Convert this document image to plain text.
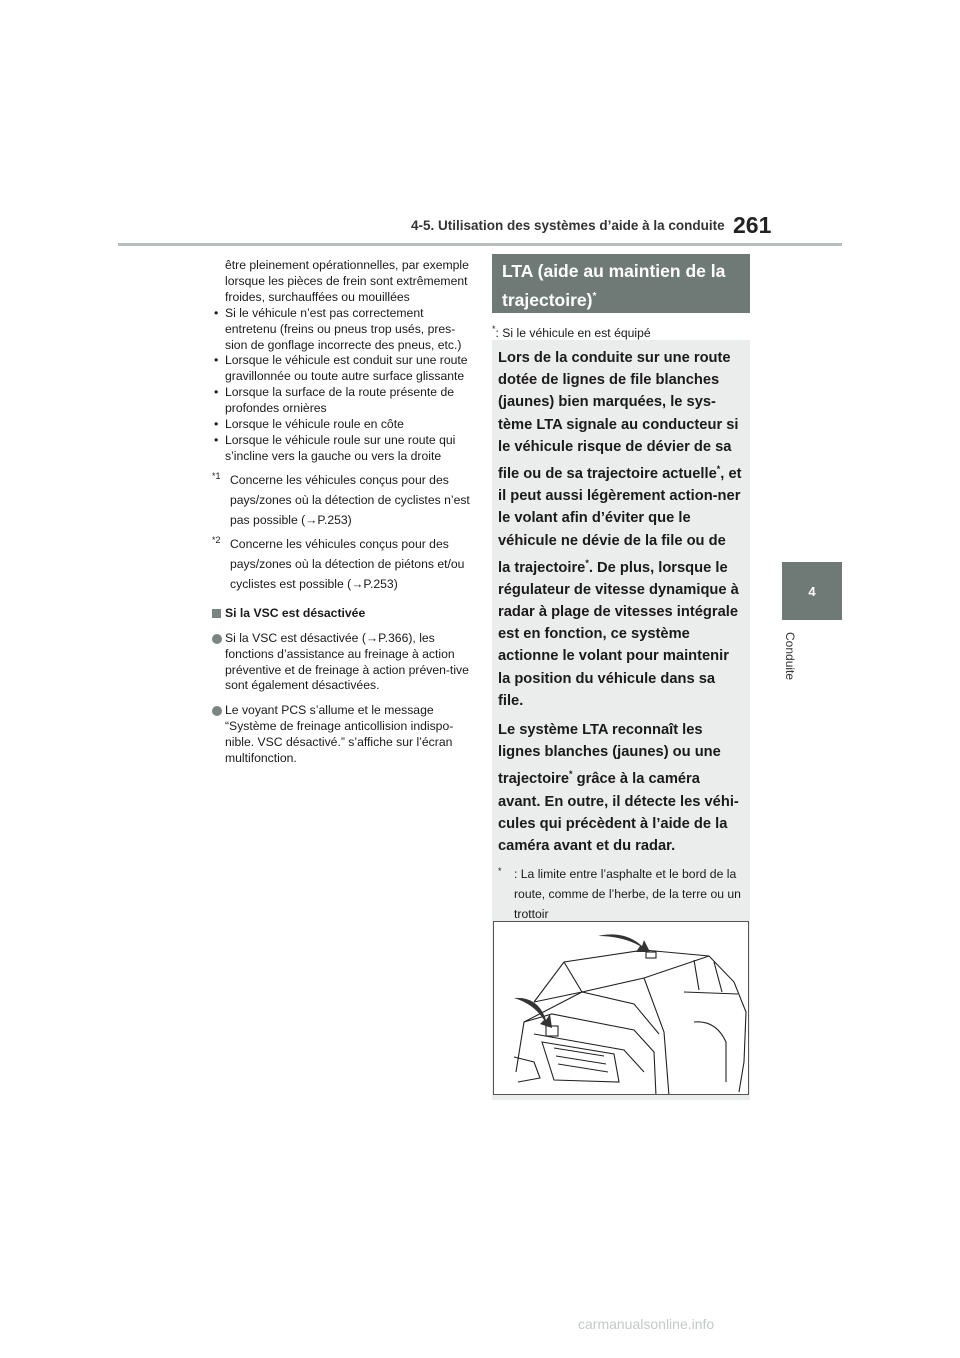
4-5. Utilisation des systèmes d’aide à la conduite 261
4
Conduite

être pleinement opérationnelles, par exemple lorsque les pièces de frein sont extrêmement froides, surchauffées ou mouillées

• Si le véhicule n’est pas correctement entretenu (freins ou pneus trop usés, pres-sion de gonflage incorrecte des pneus, etc.)
• Lorsque le véhicule est conduit sur une route gravillonnée ou toute autre surface glissante
• Lorsque la surface de la route présente de profondes ornières
• Lorsque le véhicule roule en côte
• Lorsque le véhicule roule sur une route qui s’incline vers la gauche ou vers la droite
*1 Concerne les véhicules conçus pour des pays/zones où la détection de cyclistes n’est pas possible (→P.253)
*2 Concerne les véhicules conçus pour des pays/zones où la détection de piétons et/ou cyclistes est possible (→P.253)
Si la VSC est désactivée
Si la VSC est désactivée (→P.366), les fonctions d’assistance au freinage à action préventive et de freinage à action préven-tive sont également désactivées.
Le voyant PCS s’allume et le message “Système de freinage anticollision indispo-nible. VSC désactivé.” s’affiche sur l’écran multifonction.
LTA (aide au maintien de la trajectoire)*
*: Si le véhicule en est équipé

Lors de la conduite sur une route dotée de lignes de file blanches (jaunes) bien marquées, le sys-tème LTA signale au conducteur si le véhicule risque de dévier de sa file ou de sa trajectoire actuelle*, et il peut aussi légèrement action-ner le volant afin d’éviter que le véhicule ne dévie de la file ou de la trajectoire*. De plus, lorsque le régulateur de vitesse dynamique à radar à plage de vitesses intégrale est en fonction, ce système actionne le volant pour maintenir la position du véhicule dans sa file.

Le système LTA reconnaît les lignes blanches (jaunes) ou une trajectoire* grâce à la caméra avant. En outre, il détecte les véhi-cules qui précèdent à l’aide de la caméra avant et du radar.

* : La limite entre l’asphalte et le bord de la route, comme de l’herbe, de la terre ou un trottoir
carmanualsonline.info
